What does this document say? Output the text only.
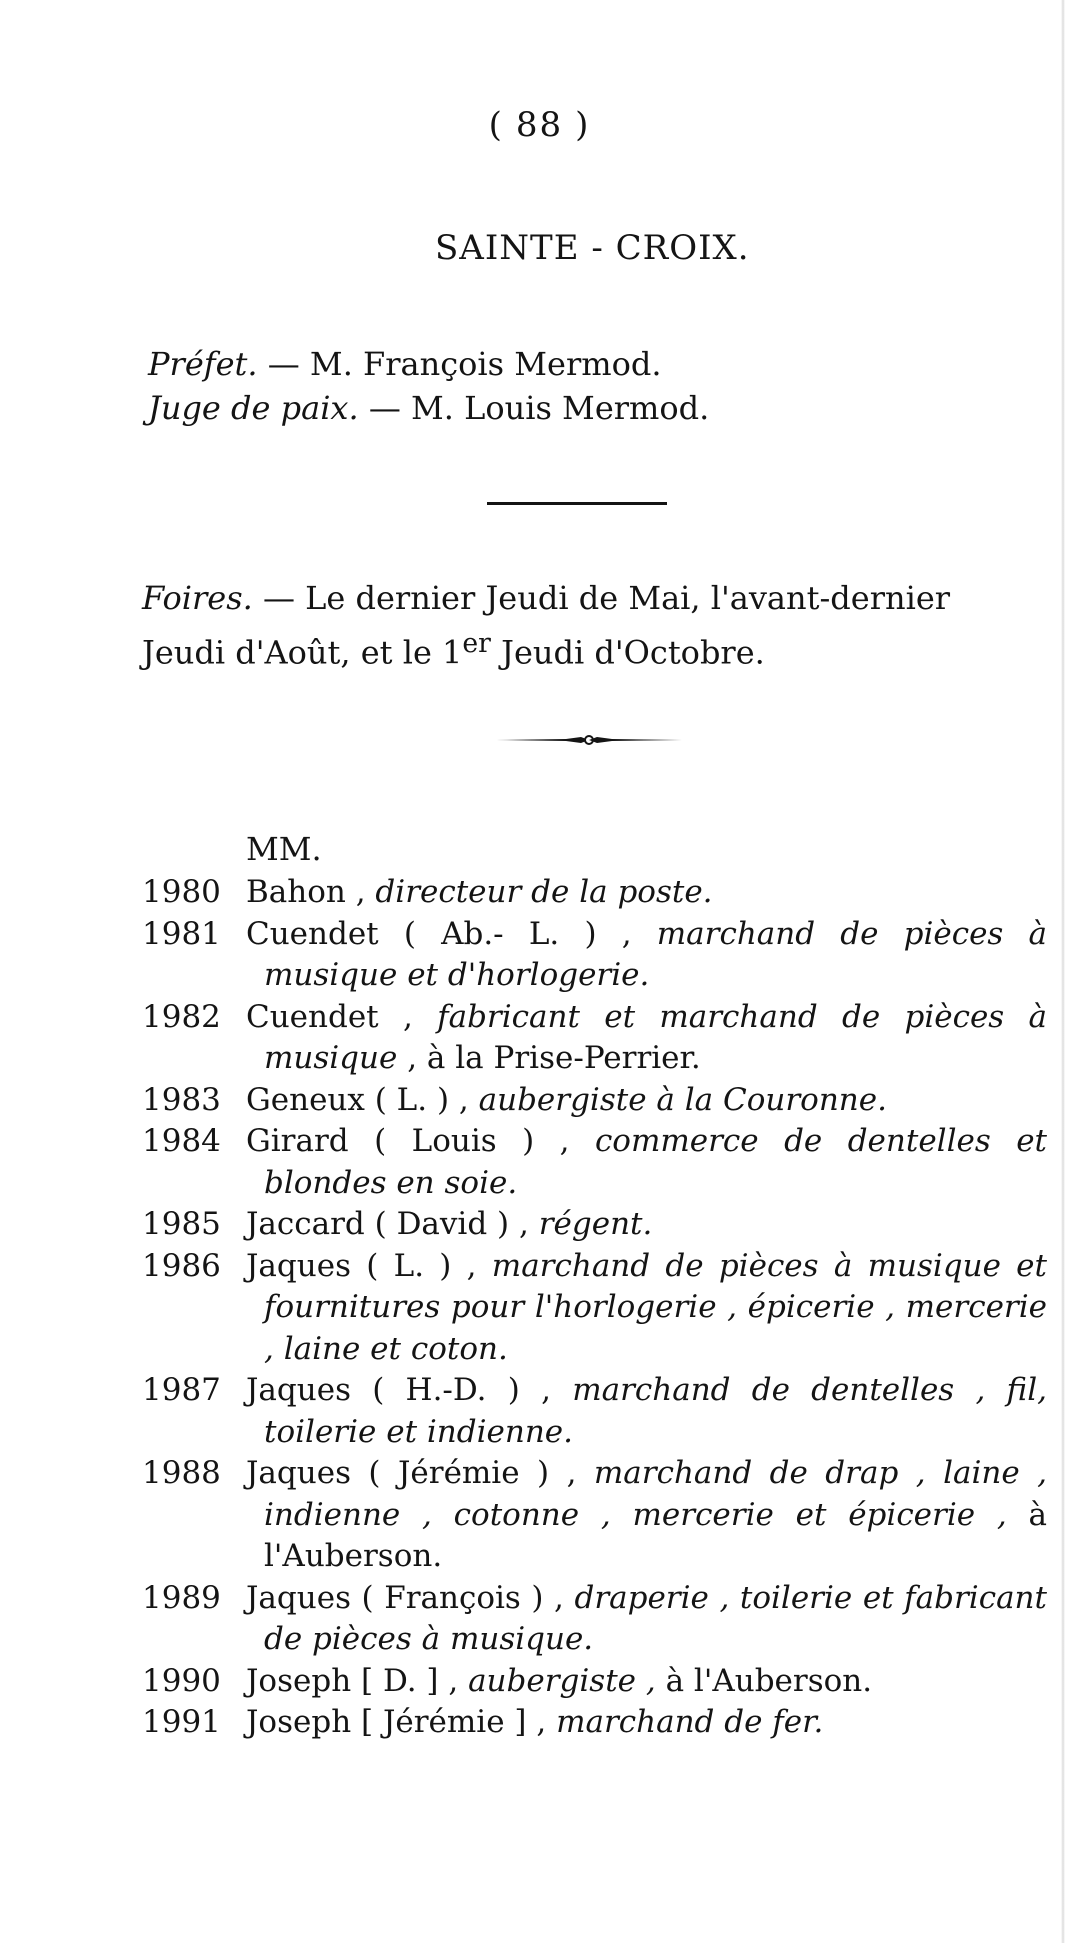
( 88 )
SAINTE - CROIX.
Préfet. — M. François Mermod.
Juge de paix. — M. Louis Mermod.
Foires. — Le dernier Jeudi de Mai, l'avant-dernier Jeudi d'Août, et le 1er Jeudi d'Octobre.
MM.
1980 Bahon , directeur de la poste.
1981 Cuendet ( Ab.- L. ) , marchand de pièces à musique et d'horlogerie.
1982 Cuendet , fabricant et marchand de pièces à musique , à la Prise-Perrier.
1983 Geneux ( L. ) , aubergiste à la Couronne.
1984 Girard ( Louis ) , commerce de dentelles et blondes en soie.
1985 Jaccard ( David ) , régent.
1986 Jaques ( L. ) , marchand de pièces à musique et fournitures pour l'horlogerie , épicerie , mercerie , laine et coton.
1987 Jaques ( H.-D. ) , marchand de dentelles , fil, toilerie et indienne.
1988 Jaques ( Jérémie ) , marchand de drap , laine , indienne , cotonne , mercerie et épicerie , à l'Auberson.
1989 Jaques ( François ) , draperie , toilerie et fabricant de pièces à musique.
1990 Joseph [ D. ] , aubergiste , à l'Auberson.
1991 Joseph [ Jérémie ] , marchand de fer.
